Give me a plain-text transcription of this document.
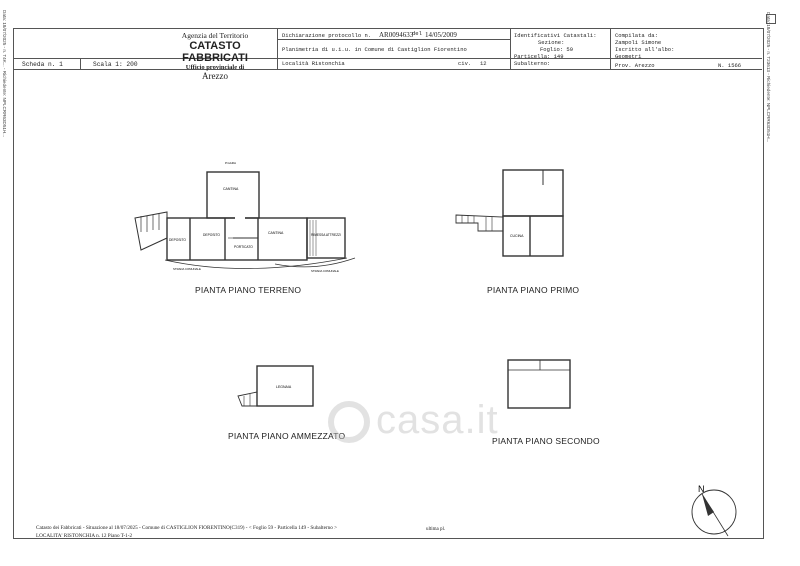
Agenzia del Territorio
CATASTO FABBRICATI
Ufficio provinciale di
Arezzo
Dichiarazione protocollo n. AR0094633
del 14/05/2009
Planimetria di u.i.u. in Comune di Castiglion Fiorentino
Località Ristonchia	civ. 12
Identificativi Catastali:
Sezione:
Foglio: 59
Particella: 149
Subalterno:
Compilata da:
Zampoli Simone
Iscritto all'albo:
Geometri
Prov. Arezzo	N. 1566
Scheda n. 1	Scala 1: 200
Data: 18/07/2025 - n. T4K... - Richiedente: NPLCRR63D51H...	Data: 18/07/2025 - n. T23613 - Richiedente: NPLCRR63D51H...
CANTINA
DEPOSITO
DEPOSITO
PORTICATO
CANTINA	RIMESSA ATTREZZI
STRADA COMUNALE	STRADA COMUNALE
P.GARA
PIANTA PIANO TERRENO
CUCINA
PIANTA PIANO PRIMO
LEGNAIA
PIANTA PIANO AMMEZZATO	PIANTA PIANO SECONDO
casa.it
N
Catasto dei Fabbricati - Situazione al 18/07/2025 - Comune di CASTIGLION FIORENTINO(C319) - < Foglio 59 - Particella 149 - Subalterno >
LOCALITA' RISTONCHIA n. 12 Piano T-1-2
ultima pl.
